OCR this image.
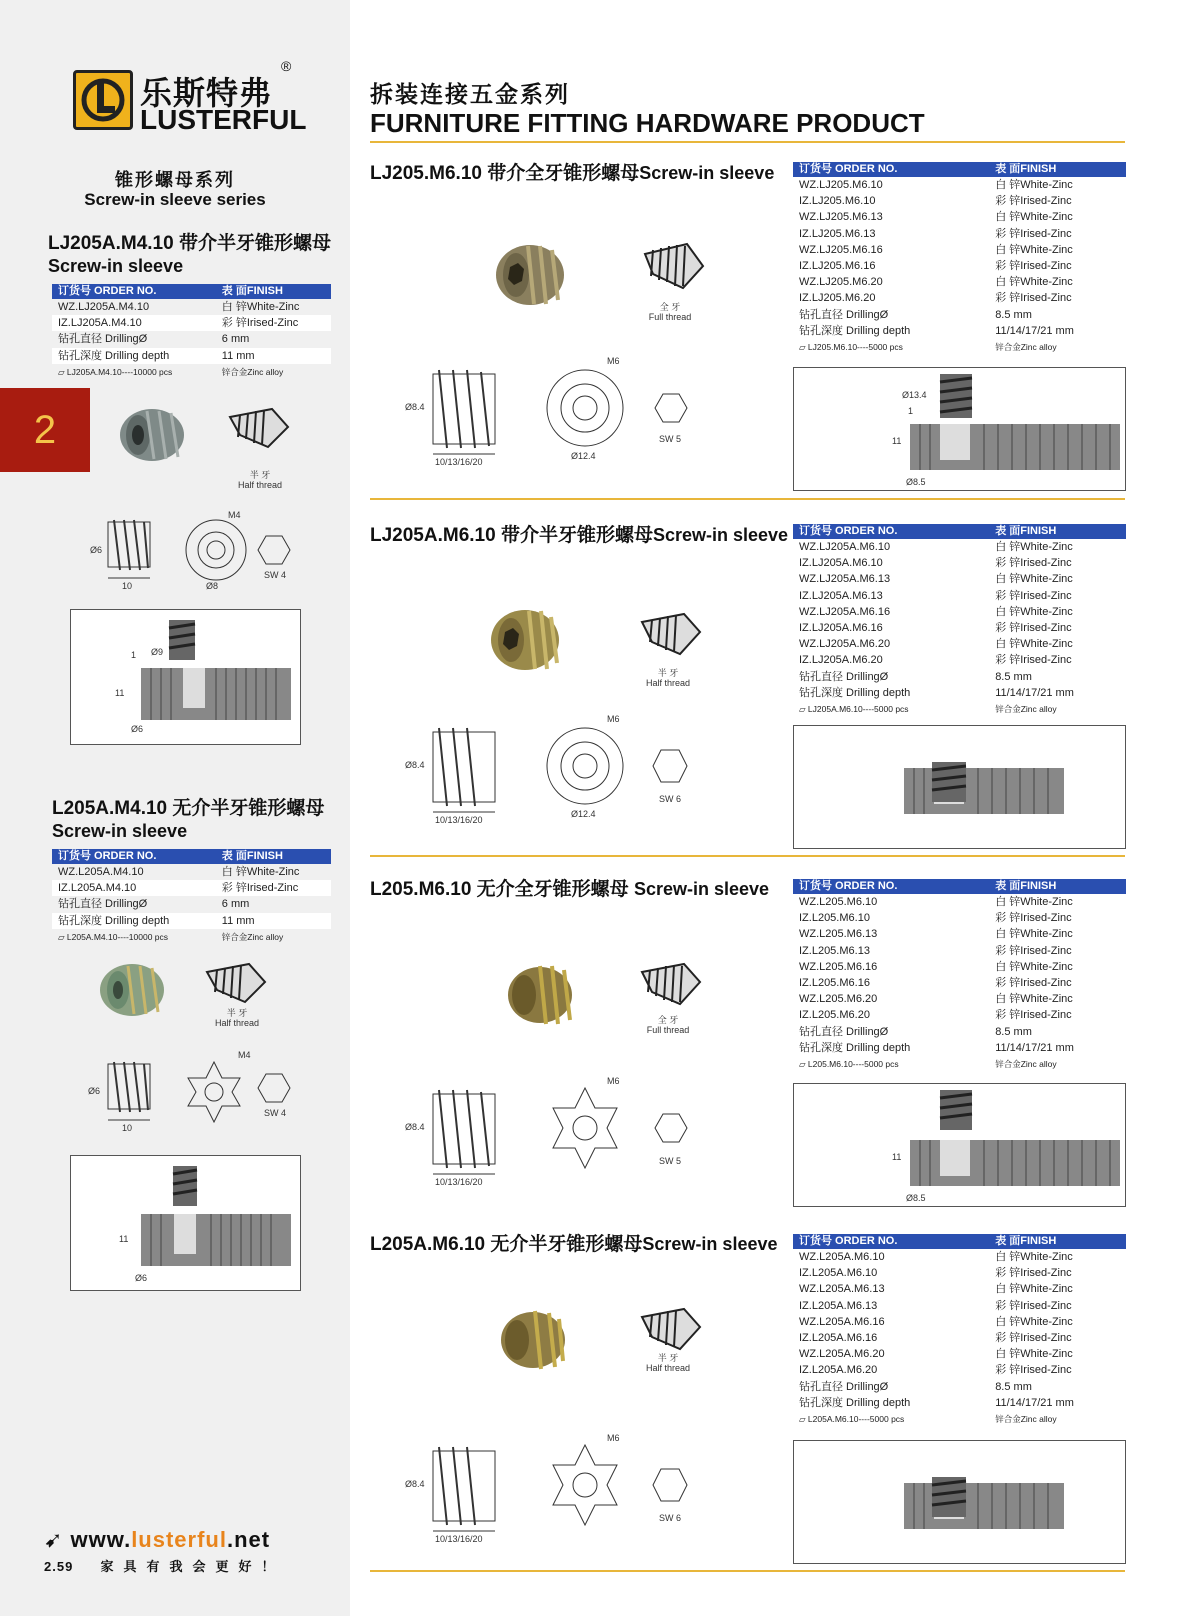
乐斯特弗
LUSTERFUL
®
锥形螺母系列
Screw-in sleeve series
2
拆装连接五金系列
FURNITURE FITTING HARDWARE PRODUCT
LJ205A.M4.10 带介半牙锥形螺母
Screw-in sleeve
订货号 ORDER NO.	表 面FINISH
WZ.LJ205A.M4.10	白 锌White-Zinc
IZ.LJ205A.M4.10	彩 锌Irised-Zinc
钻孔直径 DrillingØ	6 mm
钻孔深度 Drilling depth	11 mm
▱ LJ205A.M4.10----10000 pcs	锌合金Zinc alloy
半 牙
Half thread
Ø6
10
M4
Ø8
SW 4
Ø9
1
11
Ø6
L205A.M4.10 无介半牙锥形螺母
Screw-in sleeve
订货号 ORDER NO.	表 面FINISH
WZ.L205A.M4.10	白 锌White-Zinc
IZ.L205A.M4.10	彩 锌Irised-Zinc
钻孔直径 DrillingØ	6 mm
钻孔深度 Drilling depth	11 mm
▱ L205A.M4.10----10000 pcs	锌合金Zinc alloy
半 牙
Half thread
Ø6
10
M4
SW 4
11
Ø6
➹ www.lusterful.net
2.59 家具有我会更好！
LJ205.M6.10 带介全牙锥形螺母Screw-in sleeve 订货号 ORDER NO.	表 面FINISH
WZ.LJ205.M6.10	白 锌White-Zinc
IZ.LJ205.M6.10	彩 锌Irised-Zinc
WZ.LJ205.M6.13	白 锌White-Zinc
IZ.LJ205.M6.13	彩 锌Irised-Zinc
WZ.LJ205.M6.16	白 锌White-Zinc
IZ.LJ205.M6.16	彩 锌Irised-Zinc
WZ.LJ205.M6.20	白 锌White-Zinc
IZ.LJ205.M6.20	彩 锌Irised-Zinc
钻孔直径 DrillingØ	8.5 mm
钻孔深度 Drilling depth	11/14/17/21 mm
▱ LJ205.M6.10----5000 pcs	锌合金Zinc alloy
全 牙
Full thread
Ø8.4
10/13/16/20
M6
Ø12.4
SW 5
Ø13.4
1
11
Ø8.5
LJ205A.M6.10 带介半牙锥形螺母Screw-in sleeve 订货号 ORDER NO.	表 面FINISH
WZ.LJ205A.M6.10	白 锌White-Zinc
IZ.LJ205A.M6.10	彩 锌Irised-Zinc
WZ.LJ205A.M6.13	白 锌White-Zinc
IZ.LJ205A.M6.13	彩 锌Irised-Zinc
WZ.LJ205A.M6.16	白 锌White-Zinc
IZ.LJ205A.M6.16	彩 锌Irised-Zinc
WZ.LJ205A.M6.20	白 锌White-Zinc
IZ.LJ205A.M6.20	彩 锌Irised-Zinc
钻孔直径 DrillingØ	8.5 mm
钻孔深度 Drilling depth	11/14/17/21 mm
▱ LJ205A.M6.10----5000 pcs	锌合金Zinc alloy
半 牙
Half thread
Ø8.4
10/13/16/20
M6
Ø12.4
SW 6
L205.M6.10 无介全牙锥形螺母 Screw-in sleeve	订货号 ORDER NO.	表 面FINISH
WZ.L205.M6.10	白 锌White-Zinc
IZ.L205.M6.10	彩 锌Irised-Zinc
WZ.L205.M6.13	白 锌White-Zinc
IZ.L205.M6.13	彩 锌Irised-Zinc
WZ.L205.M6.16	白 锌White-Zinc
IZ.L205.M6.16	彩 锌Irised-Zinc
WZ.L205.M6.20	白 锌White-Zinc
IZ.L205.M6.20	彩 锌Irised-Zinc
钻孔直径 DrillingØ	8.5 mm
钻孔深度 Drilling depth	11/14/17/21 mm
▱ L205.M6.10----5000 pcs	锌合金Zinc alloy
全 牙
Full thread
Ø8.4
10/13/16/20
M6
SW 5	11
Ø8.5
L205A.M6.10 无介半牙锥形螺母Screw-in sleeve 订货号 ORDER NO.	表 面FINISH
WZ.L205A.M6.10	白 锌White-Zinc
IZ.L205A.M6.10	彩 锌Irised-Zinc
WZ.L205A.M6.13	白 锌White-Zinc
IZ.L205A.M6.13	彩 锌Irised-Zinc
WZ.L205A.M6.16	白 锌White-Zinc
IZ.L205A.M6.16	彩 锌Irised-Zinc
WZ.L205A.M6.20	白 锌White-Zinc
IZ.L205A.M6.20	彩 锌Irised-Zinc
钻孔直径 DrillingØ	8.5 mm
钻孔深度 Drilling depth	11/14/17/21 mm
▱ L205A.M6.10----5000 pcs	锌合金Zinc alloy
半 牙
Half thread
Ø8.4
10/13/16/20
M6
SW 6
